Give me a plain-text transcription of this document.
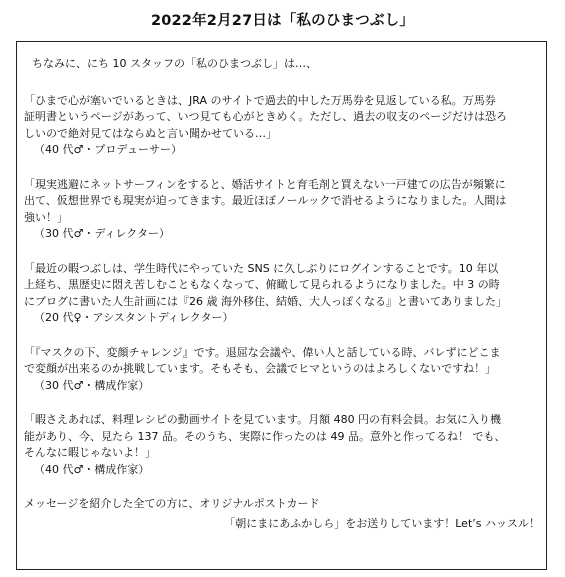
2022年2月27日は「私のひまつぶし」
ちなみに、にち 10 スタッフの「私のひまつぶし」は…、
「ひまで心が塞いでいるときは、JRA のサイトで過去的中した万馬券を見返している私。万馬券
証明書というページがあって、いつ見ても心がときめく。ただし、過去の収支のページだけは恐ろ
しいので絶対見てはならぬと言い聞かせている…」
（40 代♂・プロデューサー）
「現実逃避にネットサーフィンをすると、婚活サイトと育毛剤と買えない一戸建ての広告が頻繁に
出て、仮想世界でも現実が迫ってきます。最近ほぼノールックで消せるようになりました。人間は
強い！」
（30 代♂・ディレクター）
「最近の暇つぶしは、学生時代にやっていた SNS に久しぶりにログインすることです。10 年以
上経ち、黒歴史に悶え苦しむこともなくなって、俯瞰して見られるようになりました。中 3 の時
にブログに書いた人生計画には『26 歳 海外移住、結婚、大人っぽくなる』と書いてありました」
（20 代♀・アシスタントディレクター）
「『マスクの下、変顔チャレンジ』です。退屈な会議や、偉い人と話している時、バレずにどこま
で変顔が出来るのか挑戦しています。そもそも、会議でヒマというのはよろしくないですね！」
（30 代♂・構成作家）
「暇さえあれば、料理レシピの動画サイトを見ています。月額 480 円の有料会員。お気に入り機
能があり、今、見たら 137 品。そのうち、実際に作ったのは 49 品。意外と作ってるね！ でも、
そんなに暇じゃないよ！」
（40 代♂・構成作家）
メッセージを紹介した全ての方に、オリジナルポストカード
「朝にまにあふかしら」をお送りしています！Let’s ハッスル！
